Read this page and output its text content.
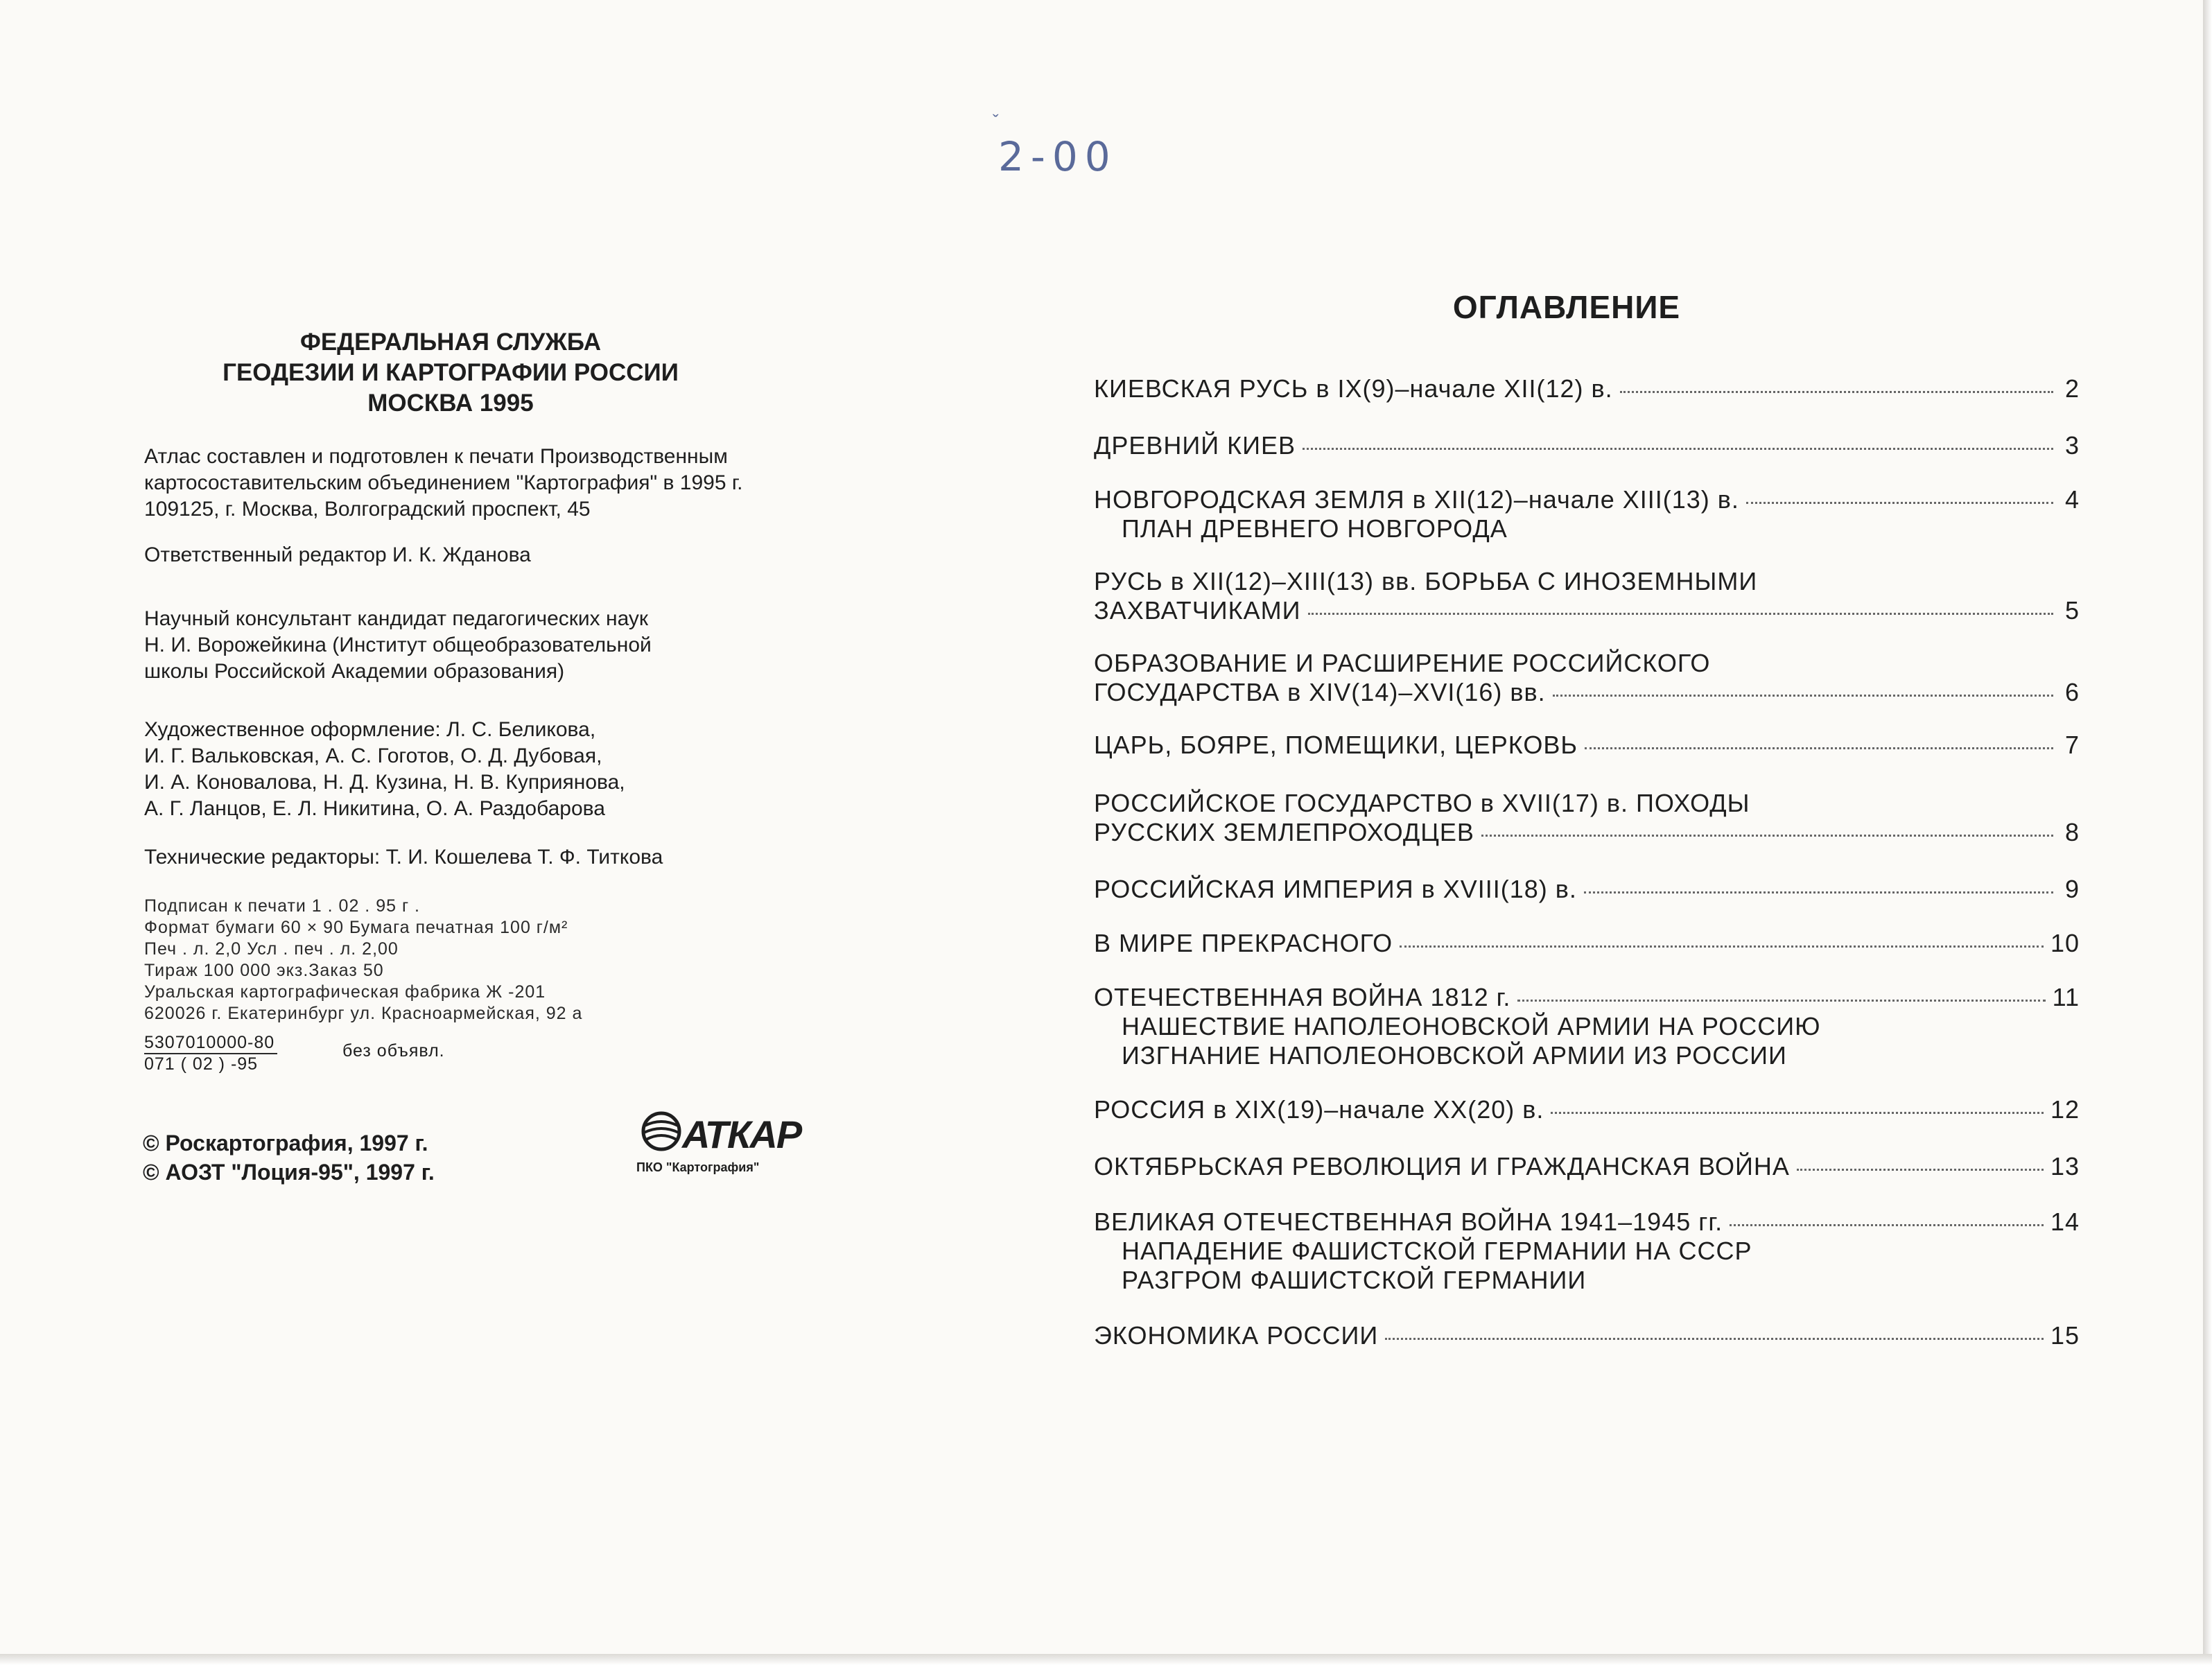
ˇ
2-00
ФЕДЕРАЛЬНАЯ СЛУЖБА
ГЕОДЕЗИИ И КАРТОГРАФИИ РОССИИ
МОСКВА 1995
Атлас составлен и подготовлен к печати Производственным
картосоставительским объединением "Картография" в 1995 г.
109125, г. Москва, Волгоградский проспект, 45
Ответственный редактор И. К. Жданова
Научный консультант кандидат педагогических наук
Н. И. Ворожейкина (Институт общеобразовательной
школы Российской Академии образования)
Художественное оформление: Л. С. Беликова,
И. Г. Вальковская, А. С. Гоготов, О. Д. Дубовая,
И. А. Коновалова, Н. Д. Кузина, Н. В. Куприянова,
А. Г. Ланцов, Е. Л. Никитина, О. А. Раздобарова
Технические редакторы: Т. И. Кошелева Т. Ф. Титкова
Подписан к печати 1 . 02 . 95 г .
Формат бумаги 60 × 90 Бумага печатная 100 г/м²
Печ . л. 2,0 Усл . печ . л. 2,00
Тираж 100 000 экз.Заказ 50
Уральская картографическая фабрика Ж -201
620026 г. Екатеринбург ул. Красноармейская, 92 а
5307010000-80
071 ( 02 ) -95
без объявл.
© Роскартография, 1997 г.
© АОЗТ "Лоция-95", 1997 г.
АТКАР
ПКО "Картография"
ОГЛАВЛЕНИЕ
КИЕВСКАЯ РУСЬ в IX(9)–начале XII(12) в.	2
ДРЕВНИЙ КИЕВ	3
НОВГОРОДСКАЯ ЗЕМЛЯ в XII(12)–начале XIII(13) в.	4
ПЛАН ДРЕВНЕГО НОВГОРОДА
РУСЬ в XII(12)–XIII(13) вв. БОРЬБА С ИНОЗЕМНЫМИ
ЗАХВАТЧИКАМИ	5
ОБРАЗОВАНИЕ И РАСШИРЕНИЕ РОССИЙСКОГО
ГОСУДАРСТВА в XIV(14)–XVI(16) вв.	6
ЦАРЬ, БОЯРЕ, ПОМЕЩИКИ, ЦЕРКОВЬ	7
РОССИЙСКОЕ ГОСУДАРСТВО в XVII(17) в. ПОХОДЫ
РУССКИХ ЗЕМЛЕПРОХОДЦЕВ	8
РОССИЙСКАЯ ИМПЕРИЯ в XVIII(18) в.	9
В МИРЕ ПРЕКРАСНОГО	10
ОТЕЧЕСТВЕННАЯ ВОЙНА 1812 г.	11
НАШЕСТВИЕ НАПОЛЕОНОВСКОЙ АРМИИ НА РОССИЮ
ИЗГНАНИЕ НАПОЛЕОНОВСКОЙ АРМИИ ИЗ РОССИИ
РОССИЯ в XIX(19)–начале XX(20) в.	12
ОКТЯБРЬСКАЯ РЕВОЛЮЦИЯ И ГРАЖДАНСКАЯ ВОЙНА	13
ВЕЛИКАЯ ОТЕЧЕСТВЕННАЯ ВОЙНА 1941–1945 гг.	14
НАПАДЕНИЕ ФАШИСТСКОЙ ГЕРМАНИИ НА СССР
РАЗГРОМ ФАШИСТСКОЙ ГЕРМАНИИ
ЭКОНОМИКА РОССИИ	15
